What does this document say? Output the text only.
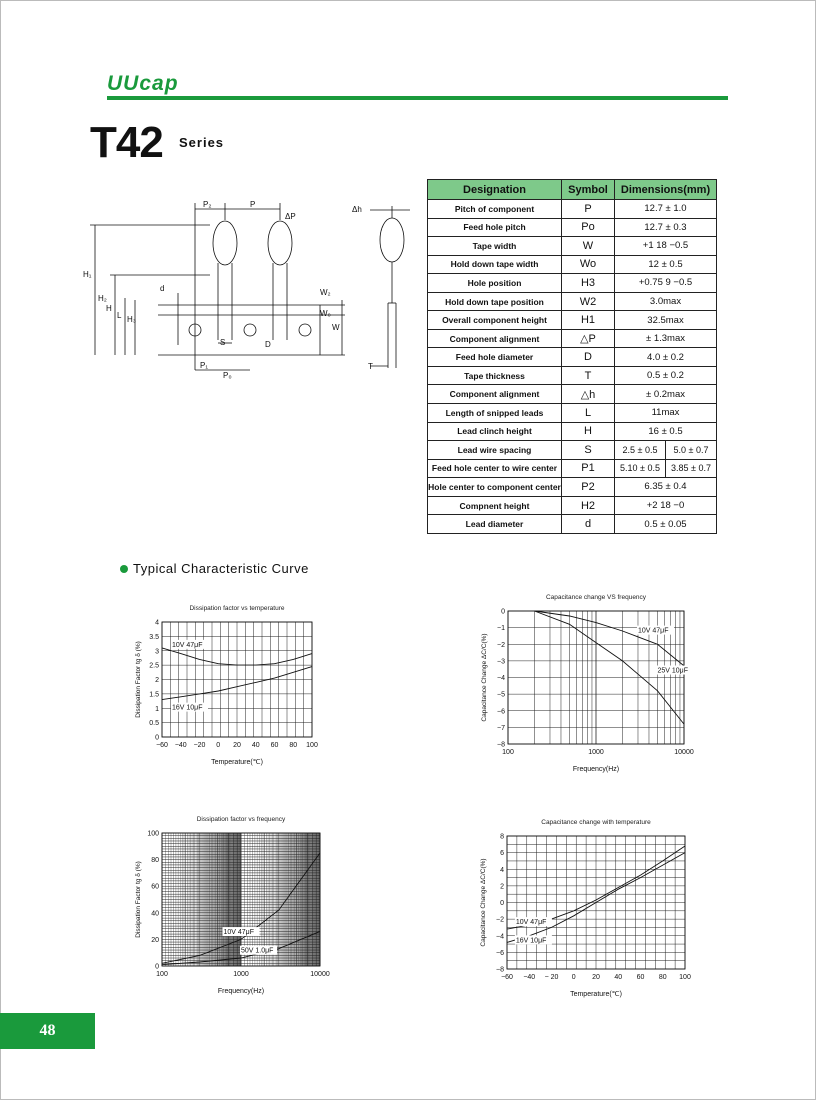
UUcap
T42 Series
P₂	P
ΔP
H₁
H₂
H
L H₃
d
S	D
P₁
P₀
W₂
W₀
W
Δh
T
Designation	Symbol	Dimensions(mm)	
Pitch of component	P	12.7 ± 1.0	
Feed hole pitch	Po	12.7 ± 0.3	
Tape width	W	+1 18 −0.5	
Hold down tape width	Wo	12 ± 0.5	
Hole position	H3	+0.75 9 −0.5	
Hold down tape position	W2	3.0max	
Overall component height	H1	32.5max	
Component alignment	△P	± 1.3max	
Feed hole diameter	D	4.0 ± 0.2	
Tape thickness	T	0.5 ± 0.2	
Component alignment	△h	± 0.2max	
Length of snipped leads	L	11max	
Lead clinch height	H	16 ± 0.5	
Lead wire spacing	S	2.5 ± 0.5	5.0 ± 0.7
Feed hole center to wire center	P1	5.10 ± 0.5	3.85 ± 0.7
Hole center to component center	P2	6.35 ± 0.4	
Compnent height	H2	+2 18 −0	
Lead diameter	d	0.5 ± 0.05	
Typical Characteristic Curve
Dissipation factor vs temperature
−60 −40 −20 0 20 40 60 80 100
0
0.5
1
1.5
2
2.5
3
3.5
4
Temperature(℃)
Dissipation Factor tg δ (%)	10V 47μF
16V 10μF
Capacitance change VS frequency
100	1000	10000
0
−1
−2
−3
−4
−5
−6
−7
−8
Frequency(Hz)
Capacitance Change ΔC/C(%)
10V 47μF
25V 10μF
Dissipation factor vs frequency
100	1000	10000
0
20
40
60
80
100
Frequency(Hz)
Dissipation Factor tg δ (%)	10V 47μF
50V 1.0μF
Capacitance change with temperature
−60 −40 − 20 0 20 40 60 80 100
8
6
4
2
0
−2
−4
−6
−8
Temperature(℃)
Capacitance Change ΔC/C(%)	10V 47μF
16V 10μF
48
